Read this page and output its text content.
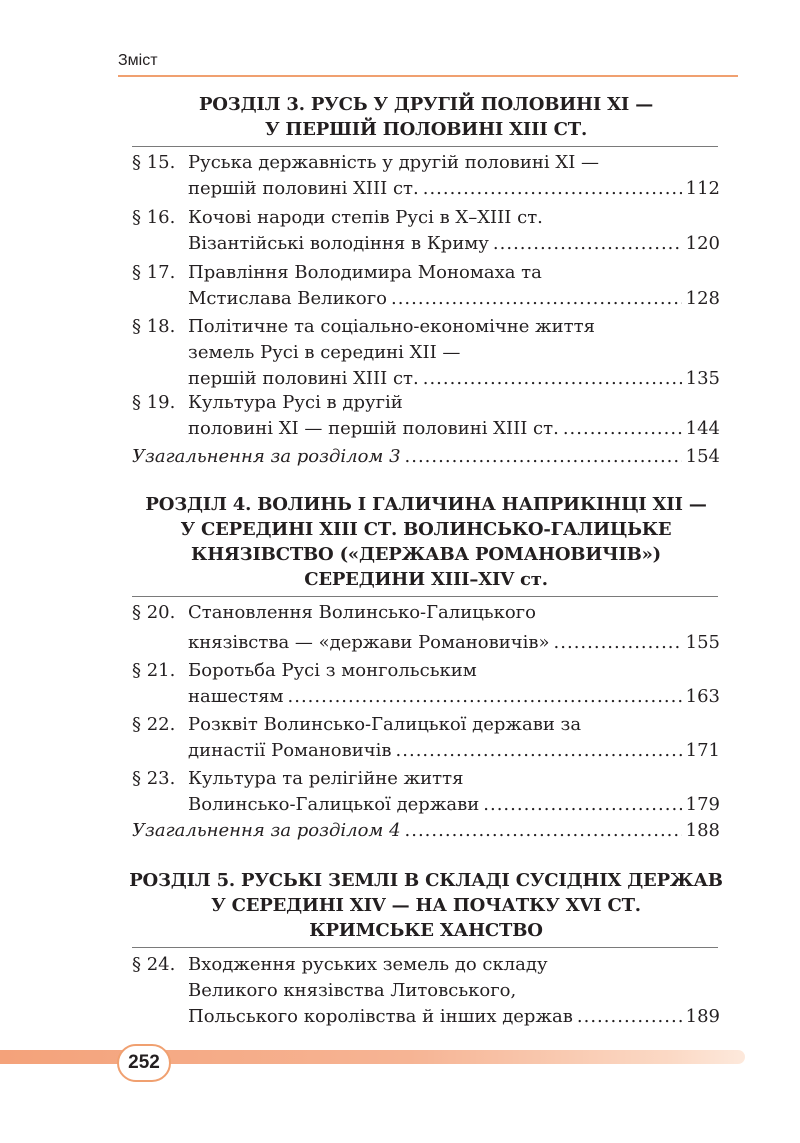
Зміст
РОЗДІЛ 3. РУСЬ У ДРУГІЙ ПОЛОВИНІ XI —
У ПЕРШІЙ ПОЛОВИНІ XIII СТ.
§ 15. Руська державність у другій половині XI —
першій половині XIII ст. .....	112
§ 16. Кочові народи степів Русі в X–XIII ст.
Візантійські володіння в Криму .....	120
§ 17. Правління Володимира Мономаха та
Мстислава Великого .....	128
§ 18. Політичне та соціально-економічне життя
земель Русі в середині XII —
першій половині XIII ст. .....	135
§ 19. Культура Русі в другій
половині XI — першій половині XIII ст. .....	144
Узагальнення за розділом 3 .....	154
РОЗДІЛ 4. ВОЛИНЬ І ГАЛИЧИНА НАПРИКІНЦІ XII —
У СЕРЕДИНІ XIII СТ. ВОЛИНСЬКО-ГАЛИЦЬКЕ
КНЯЗІВСТВО («ДЕРЖАВА РОМАНОВИЧІВ»)
СЕРЕДИНИ XIII–XIV ст.
§ 20. Становлення Волинсько-Галицького
князівства — «держави Романовичів» .....	155
§ 21. Боротьба Русі з монгольським
нашестям .....	163
§ 22. Розквіт Волинсько-Галицької держави за
династії Романовичів .....	171
§ 23. Культура та релігійне життя
Волинсько-Галицької держави .....	179
Узагальнення за розділом 4 .....	188
РОЗДІЛ 5. РУСЬКІ ЗЕМЛІ В СКЛАДІ СУСІДНІХ ДЕРЖАВ
У СЕРЕДИНІ XIV — НА ПОЧАТКУ XVI СТ.
КРИМСЬКЕ ХАНСТВО
§ 24. Входження руських земель до складу
Великого князівства Литовського,
Польського королівства й інших держав .....	189
252
